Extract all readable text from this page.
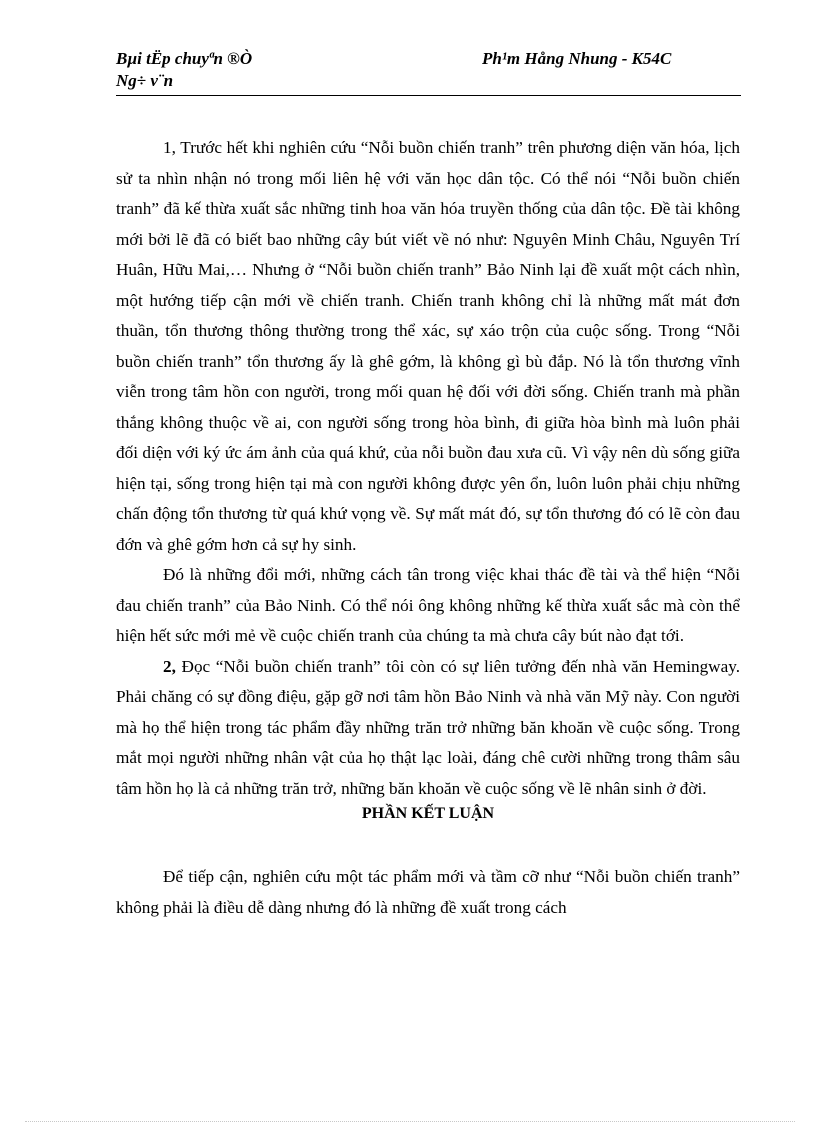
Bµi tËp chuyªn ®Ò
Ng÷ v¨n
Ph¹m Hång Nhung - K54C

1, Trước hết khi nghiên cứu “Nỗi buồn chiến tranh” trên phương diện văn hóa, lịch sử ta nhìn nhận nó trong mối liên hệ với văn học dân tộc. Có thể nói “Nỗi buồn chiến tranh” đã kế thừa xuất sắc những tinh hoa văn hóa truyền thống của dân tộc. Đề tài không mới bởi lẽ đã có biết bao những cây bút viết về nó như: Nguyên Minh Châu, Nguyên Trí Huân, Hữu Mai,… Nhưng ở “Nỗi buồn chiến tranh” Bảo Ninh lại đề xuất một cách nhìn, một hướng tiếp cận mới về chiến tranh. Chiến tranh không chỉ là những mất mát đơn thuần, tổn thương thông thường trong thể xác, sự xáo trộn của cuộc sống. Trong “Nỗi buồn chiến tranh” tổn thương ấy là ghê gớm, là không gì bù đắp. Nó là tổn thương vĩnh viễn trong tâm hồn con người, trong mối quan hệ đối với đời sống. Chiến tranh mà phần thắng không thuộc về ai, con người sống trong hòa bình, đi giữa hòa bình mà luôn phải đối diện với ký ức ám ảnh của quá khứ, của nỗi buồn đau xưa cũ. Vì vậy nên dù sống giữa hiện tại, sống trong hiện tại mà con người không được yên ổn, luôn luôn phải chịu những chấn động tổn thương từ quá khứ vọng về. Sự mất mát đó, sự tổn thương đó có lẽ còn đau đớn và ghê gớm hơn cả sự hy sinh.

Đó là những đổi mới, những cách tân trong việc khai thác đề tài và thể hiện “Nỗi đau chiến tranh” của Bảo Ninh. Có thể nói ông không những kế thừa xuất sắc mà còn thể hiện hết sức mới mẻ về cuộc chiến tranh của chúng ta mà chưa cây bút nào đạt tới.

2, Đọc “Nỗi buồn chiến tranh” tôi còn có sự liên tưởng đến nhà văn Hemingway. Phải chăng có sự đồng điệu, gặp gỡ nơi tâm hồn Bảo Ninh và nhà văn Mỹ này. Con người mà họ thể hiện trong tác phẩm đầy những trăn trở những băn khoăn về cuộc sống. Trong mắt mọi người những nhân vật của họ thật lạc loài, đáng chê cười những trong thâm sâu tâm hồn họ là cả những trăn trở, những băn khoăn về cuộc sống về lẽ nhân sinh ở đời.

PHẦN KẾT LUẬN

Để tiếp cận, nghiên cứu một tác phẩm mới và tầm cỡ như “Nỗi buồn chiến tranh” không phải là điều dễ dàng nhưng đó là những đề xuất trong cách
